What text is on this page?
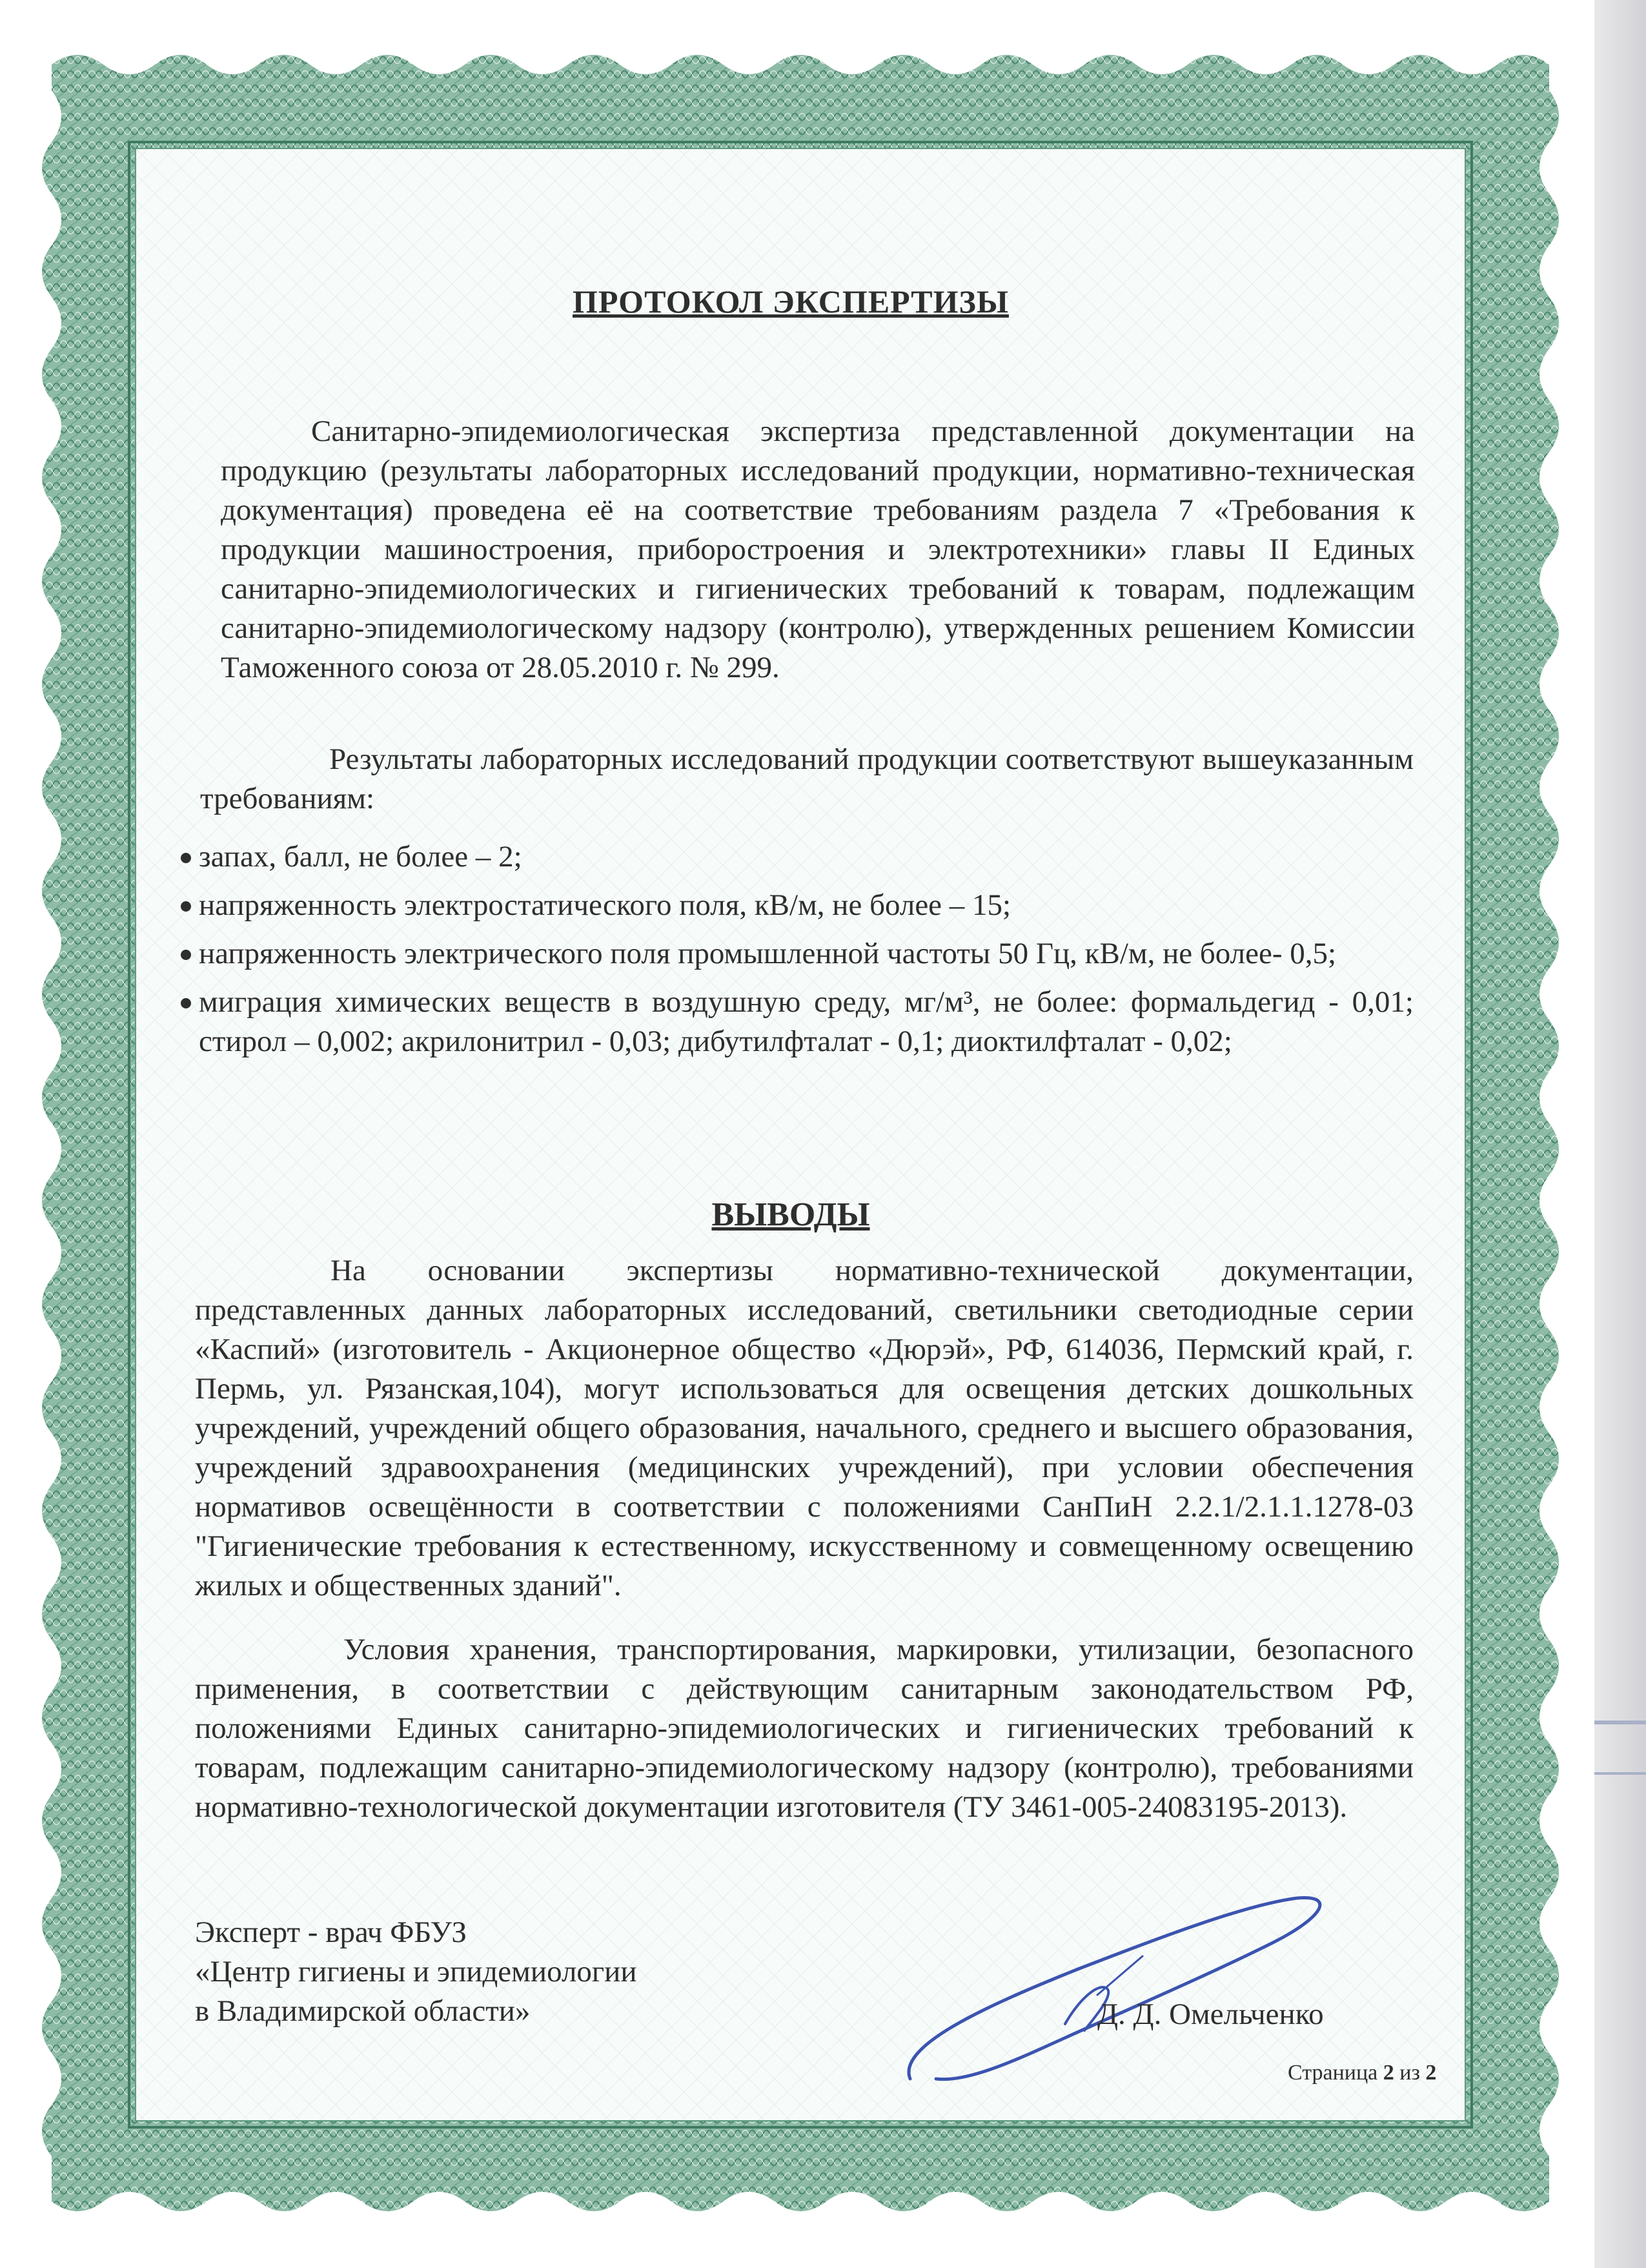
ПРОТОКОЛ ЭКСПЕРТИЗЫ

Санитарно-эпидемиологическая экспертиза представленной документации на продукцию (результаты лабораторных исследований продукции, нормативно-техническая документация) проведена её на соответствие требованиям раздела 7 «Требования к продукции машиностроения, приборостроения и электротехники» главы II Единых санитарно-эпидемиологических и гигиенических требований к товарам, подлежащим санитарно-эпидемиологическому надзору (контролю), утвержденных решением Комиссии Таможенного союза от 28.05.2010 г. № 299.

Результаты лабораторных исследований продукции соответствуют вышеуказанным требованиям:

запах, балл, не более – 2;
напряженность электростатического поля, кВ/м, не более – 15;
напряженность электрического поля промышленной частоты 50 Гц, кВ/м, не более- 0,5;
миграция химических веществ в воздушную среду, мг/м³, не более: формальдегид - 0,01; стирол – 0,002; акрилонитрил - 0,03; дибутилфталат - 0,1; диоктилфталат - 0,02;
ВЫВОДЫ

На основании экспертизы нормативно-технической документации, представленных данных лабораторных исследований, светильники светодиодные серии «Каспий» (изготовитель - Акционерное общество «Дюрэй», РФ, 614036, Пермский край, г. Пермь, ул. Рязанская,104), могут использоваться для освещения детских дошкольных учреждений, учреждений общего образования, начального, среднего и высшего образования, учреждений здравоохранения (медицинских учреждений), при условии обеспечения нормативов освещённости в соответствии с положениями СанПиН 2.2.1/2.1.1.1278-03 "Гигиенические требования к естественному, искусственному и совмещенному освещению жилых и общественных зданий".

Условия хранения, транспортирования, маркировки, утилизации, безопасного применения, в соответствии с действующим санитарным законодательством РФ, положениями Единых санитарно-эпидемиологических и гигиенических требований к товарам, подлежащим санитарно-эпидемиологическому надзору (контролю), требованиями нормативно-технологической документации изготовителя (ТУ 3461-005-24083195-2013).

Эксперт - врач ФБУЗ
«Центр гигиены и эпидемиологии
в Владимирской области»	Д. Д. Омельченко
Страница 2 из 2
